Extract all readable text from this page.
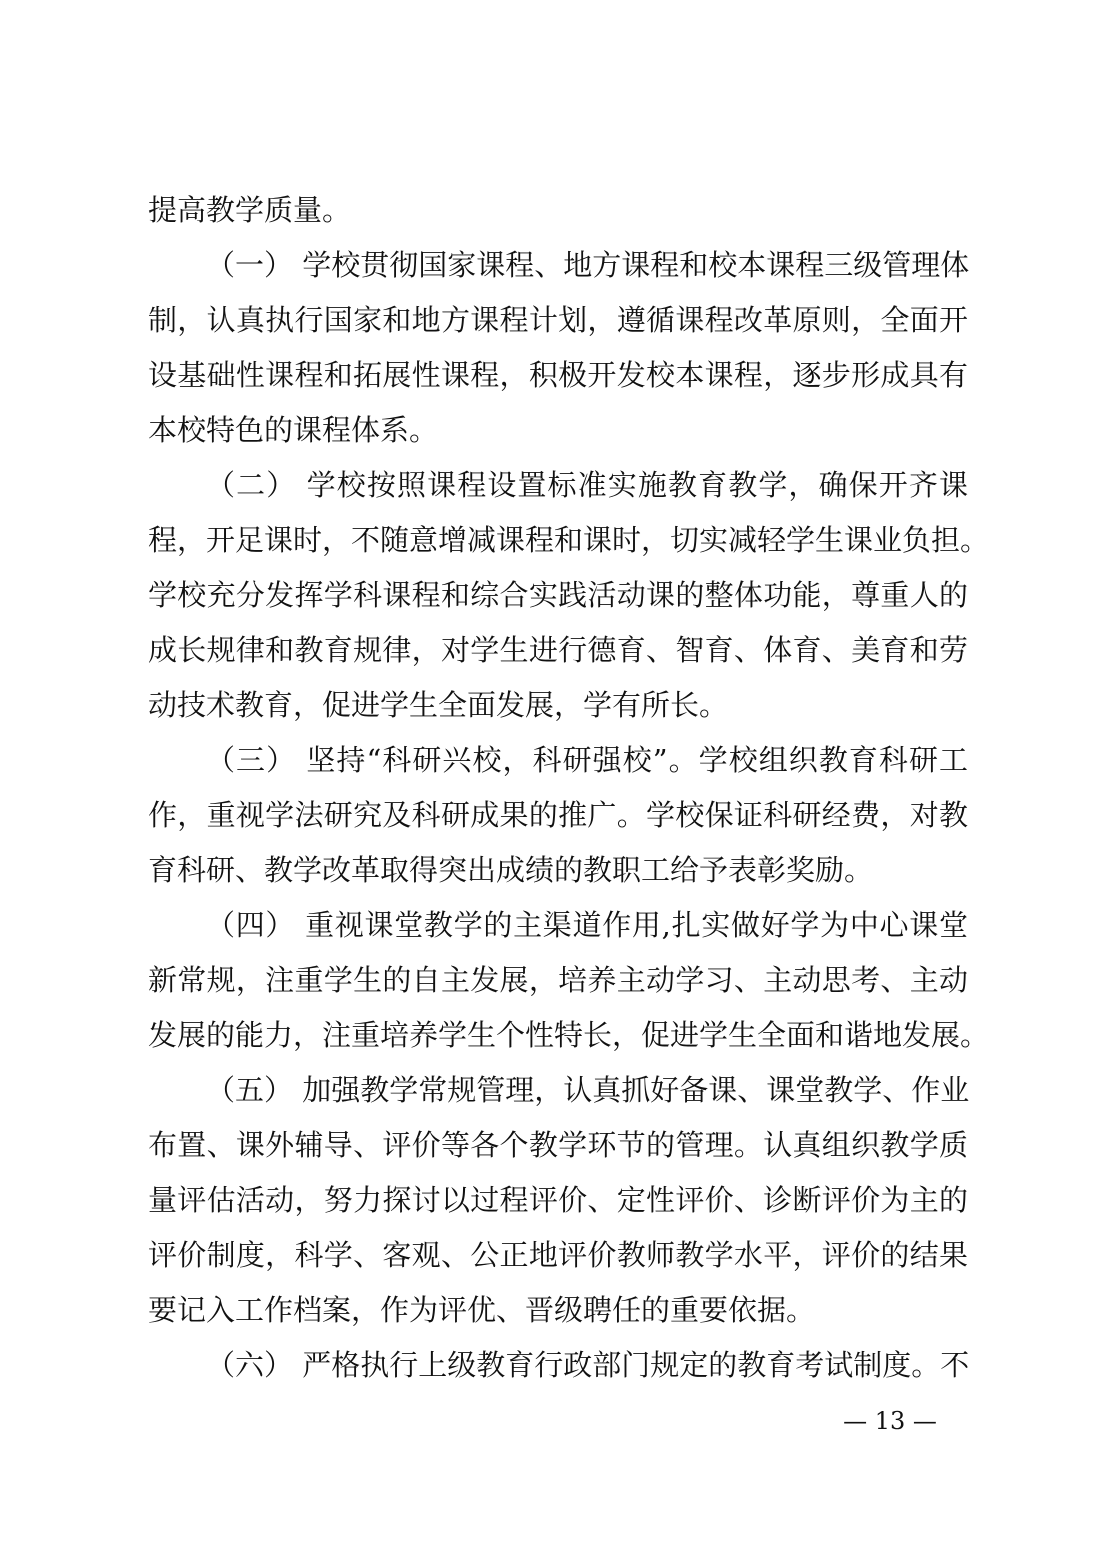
提高教学质量。
（一） 学校贯彻国家课程、地方课程和校本课程三级管理体
制，认真执行国家和地方课程计划，遵循课程改革原则，全面开
设基础性课程和拓展性课程，积极开发校本课程，逐步形成具有
本校特色的课程体系。
（二） 学校按照课程设置标准实施教育教学，确保开齐课
程，开足课时，不随意增减课程和课时，切实减轻学生课业负担。
学校充分发挥学科课程和综合实践活动课的整体功能，尊重人的
成长规律和教育规律，对学生进行德育、智育、体育、美育和劳
动技术教育，促进学生全面发展，学有所长。
（三） 坚持“科研兴校，科研强校”。学校组织教育科研工
作，重视学法研究及科研成果的推广。学校保证科研经费，对教
育科研、教学改革取得突出成绩的教职工给予表彰奖励。
（四） 重视课堂教学的主渠道作用,扎实做好学为中心课堂
新常规，注重学生的自主发展，培养主动学习、主动思考、主动
发展的能力，注重培养学生个性特长，促进学生全面和谐地发展。
（五） 加强教学常规管理，认真抓好备课、课堂教学、作业
布置、课外辅导、评价等各个教学环节的管理。认真组织教学质
量评估活动，努力探讨以过程评价、定性评价、诊断评价为主的
评价制度，科学、客观、公正地评价教师教学水平，评价的结果
要记入工作档案，作为评优、晋级聘任的重要依据。
（六） 严格执行上级教育行政部门规定的教育考试制度。不
— 13 —
